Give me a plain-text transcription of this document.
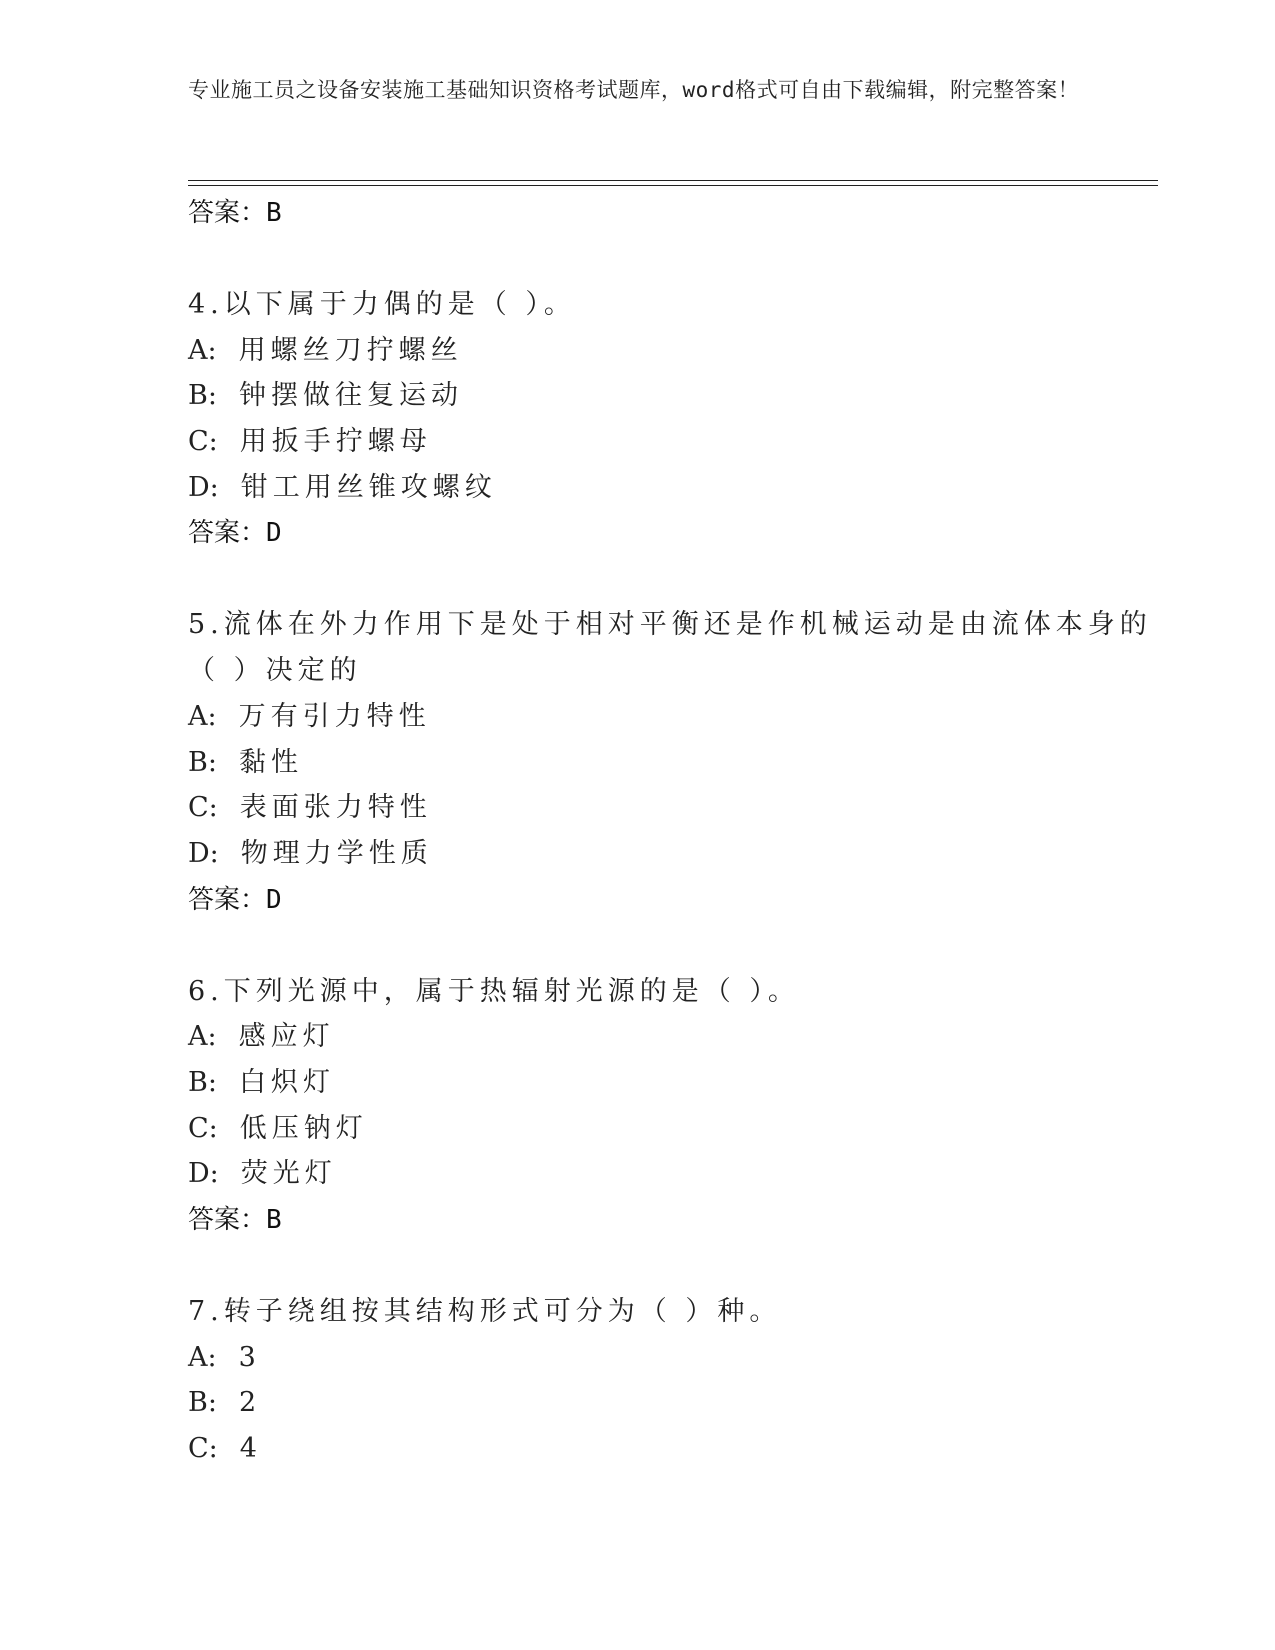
专业施工员之设备安装施工基础知识资格考试题库，word格式可自由下载编辑，附完整答案！
答案：B
4.以下属于力偶的是（ ）。
A: 用螺丝刀拧螺丝
B: 钟摆做往复运动
C: 用扳手拧螺母
D: 钳工用丝锥攻螺纹
答案：D
5.流体在外力作用下是处于相对平衡还是作机械运动是由流体本身的
（ ）决定的
A: 万有引力特性
B: 黏性
C: 表面张力特性
D: 物理力学性质
答案：D
6.下列光源中，属于热辐射光源的是（ ）。
A: 感应灯
B: 白炽灯
C: 低压钠灯
D: 荧光灯
答案：B
7.转子绕组按其结构形式可分为（ ）种。
A: 3
B: 2
C: 4
